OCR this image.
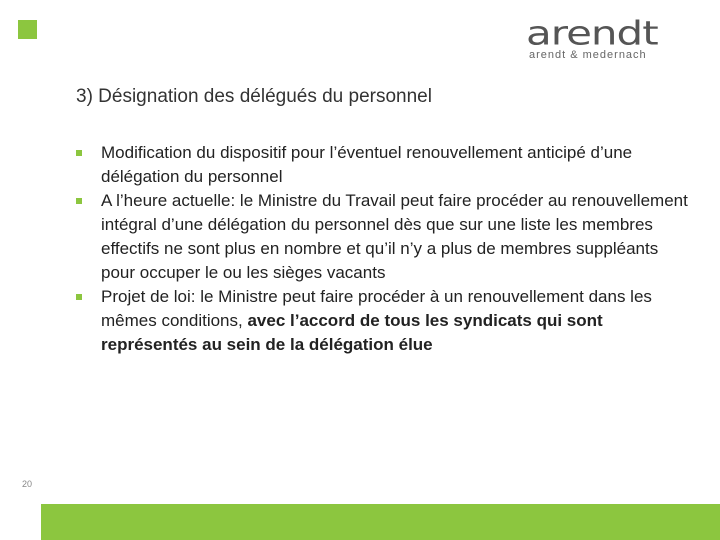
arendt
arendt & medernach
3) Désignation des délégués du personnel

Modification du dispositif pour l’éventuel renouvellement anticipé d’une délégation du personnel

A l’heure actuelle: le Ministre du Travail peut faire procéder au renouvellement intégral d’une délégation du personnel dès que sur une liste les membres effectifs ne sont plus en nombre et qu’il n’y a plus de membres suppléants pour occuper le ou les sièges vacants

Projet de loi: le Ministre peut faire procéder à un renouvellement dans les mêmes conditions, avec l’accord de tous les syndicats qui sont représentés au sein de la délégation élue

20
